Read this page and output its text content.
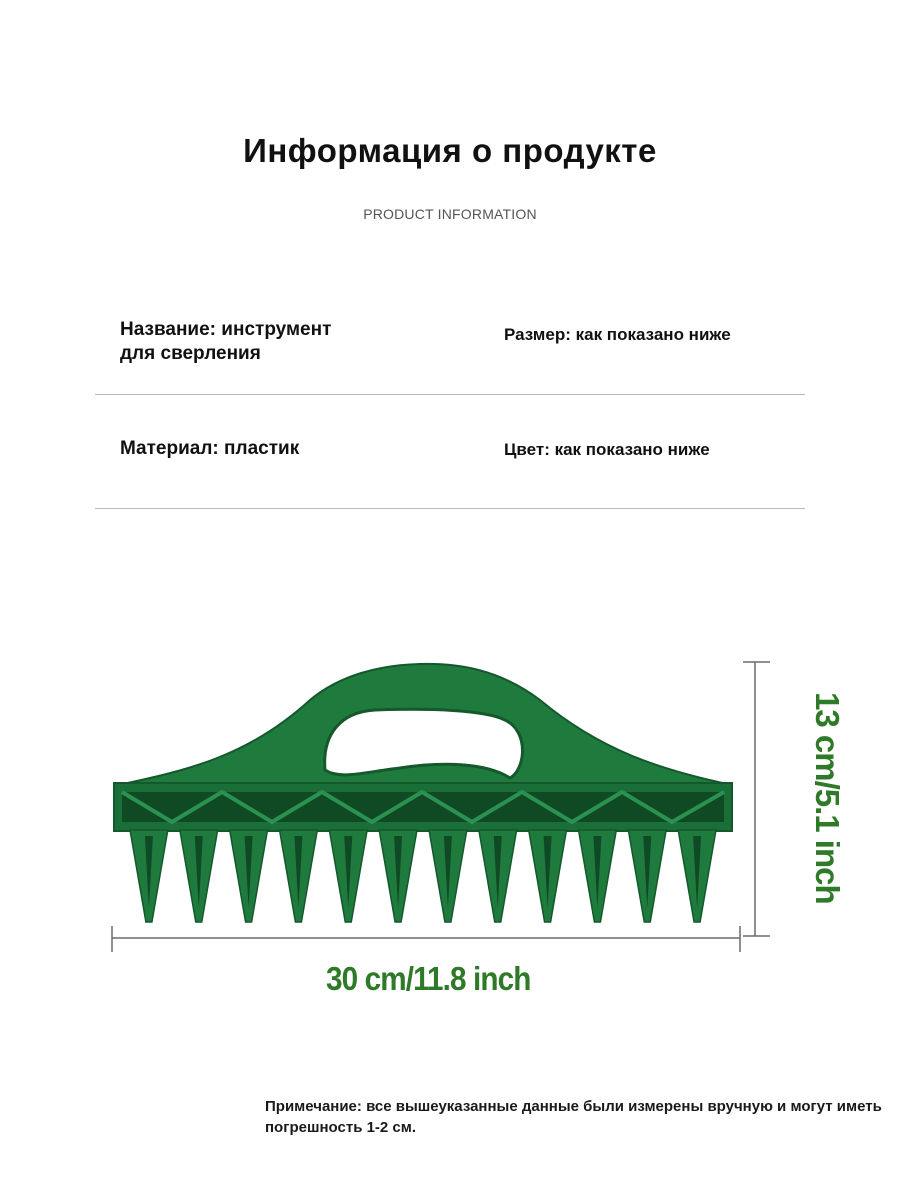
Информация о продукте
PRODUCT INFORMATION
Название: инструмент для сверления
Размер: как показано ниже
Материал: пластик	Цвет: как показано ниже
30 cm/11.8 inch
13 cm/5.1 inch
Примечание: все вышеуказанные данные были измерены вручную и могут иметь погрешность 1-2 см.
